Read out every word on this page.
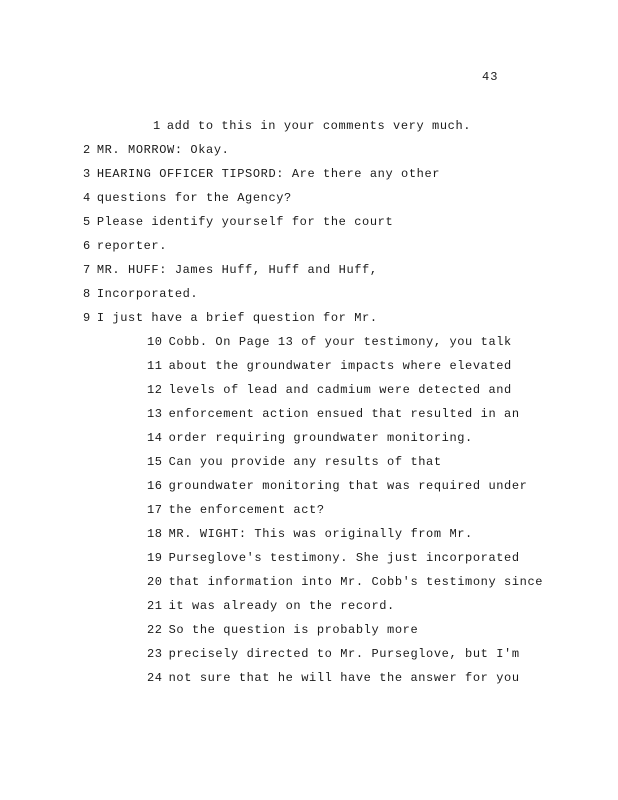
43
1 add to this in your comments very much.
2 MR. MORROW: Okay.
3 HEARING OFFICER TIPSORD: Are there any other
4 questions for the Agency?
5 Please identify yourself for the court
6 reporter.
7 MR. HUFF: James Huff, Huff and Huff,
8 Incorporated.
9 I just have a brief question for Mr.
10 Cobb. On Page 13 of your testimony, you talk
11 about the groundwater impacts where elevated
12 levels of lead and cadmium were detected and
13 enforcement action ensued that resulted in an
14 order requiring groundwater monitoring.
15 Can you provide any results of that
16 groundwater monitoring that was required under
17 the enforcement act?
18 MR. WIGHT: This was originally from Mr.
19 Purseglove's testimony. She just incorporated
20 that information into Mr. Cobb's testimony since
21 it was already on the record.
22 So the question is probably more
23 precisely directed to Mr. Purseglove, but I'm
24 not sure that he will have the answer for you
